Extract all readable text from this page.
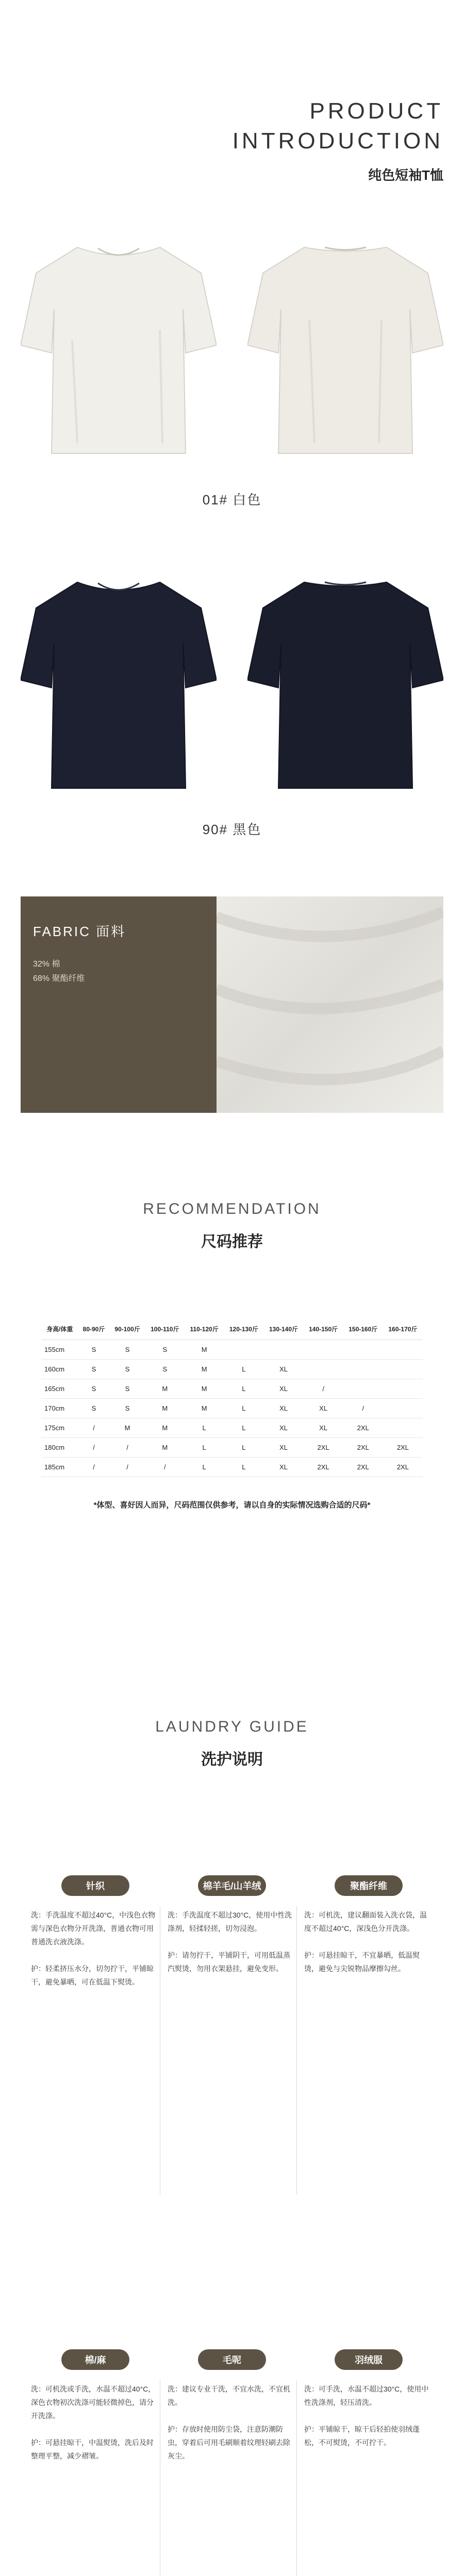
PRODUCT
INTRODUCTION
纯色短袖T恤
01# 白色
90# 黑色
FABRIC 面料
32% 棉
68% 聚酯纤维
RECOMMENDATION
尺码推荐
身高/体重	80-90斤	90-100斤	100-110斤	110-120斤	120-130斤	130-140斤	140-150斤	150-160斤	160-170斤
155cm	S	S	S	M					
160cm	S	S	S	M	L	XL			
165cm	S	S	M	M	L	XL	/		
170cm	S	S	M	M	L	XL	XL	/	
175cm	/	M	M	L	L	XL	XL	2XL	
180cm	/	/	M	L	L	XL	2XL	2XL	2XL
185cm	/	/	/	L	L	XL	2XL	2XL	2XL
*体型、喜好因人而异，尺码范围仅供参考，请以自身的实际情况选购合适的尺码*
LAUNDRY GUIDE
洗护说明
针织

洗：手洗温度不超过40°C，中浅色衣物需与深色衣物分开洗涤，普通衣物可用普通洗衣液洗涤。

护：轻柔挤压水分，切勿拧干，平铺晾干，避免暴晒，可在低温下熨烫。

棉羊毛/山羊绒

洗：手洗温度不超过30°C，使用中性洗涤剂，轻揉轻搓，切勿浸泡。

护：请勿拧干，平铺阴干，可用低温蒸汽熨烫，勿用衣架悬挂，避免变形。

聚酯纤维

洗：可机洗，建议翻面装入洗衣袋，温度不超过40°C，深浅色分开洗涤。

护：可悬挂晾干，不宜暴晒，低温熨烫，避免与尖锐物品摩擦勾丝。

棉/麻

洗：可机洗或手洗，水温不超过40°C，深色衣物初次洗涤可能轻微掉色，请分开洗涤。

护：可悬挂晾干，中温熨烫，洗后及时整理平整，减少褶皱。

毛呢

洗：建议专业干洗，不宜水洗，不宜机洗。

护：存放时使用防尘袋，注意防潮防虫，穿着后可用毛刷顺着纹理轻刷去除灰尘。

羽绒服

洗：可手洗，水温不超过30°C，使用中性洗涤剂，轻压清洗。

护：平铺晾干，晾干后轻拍使羽绒蓬松，不可熨烫，不可拧干。
